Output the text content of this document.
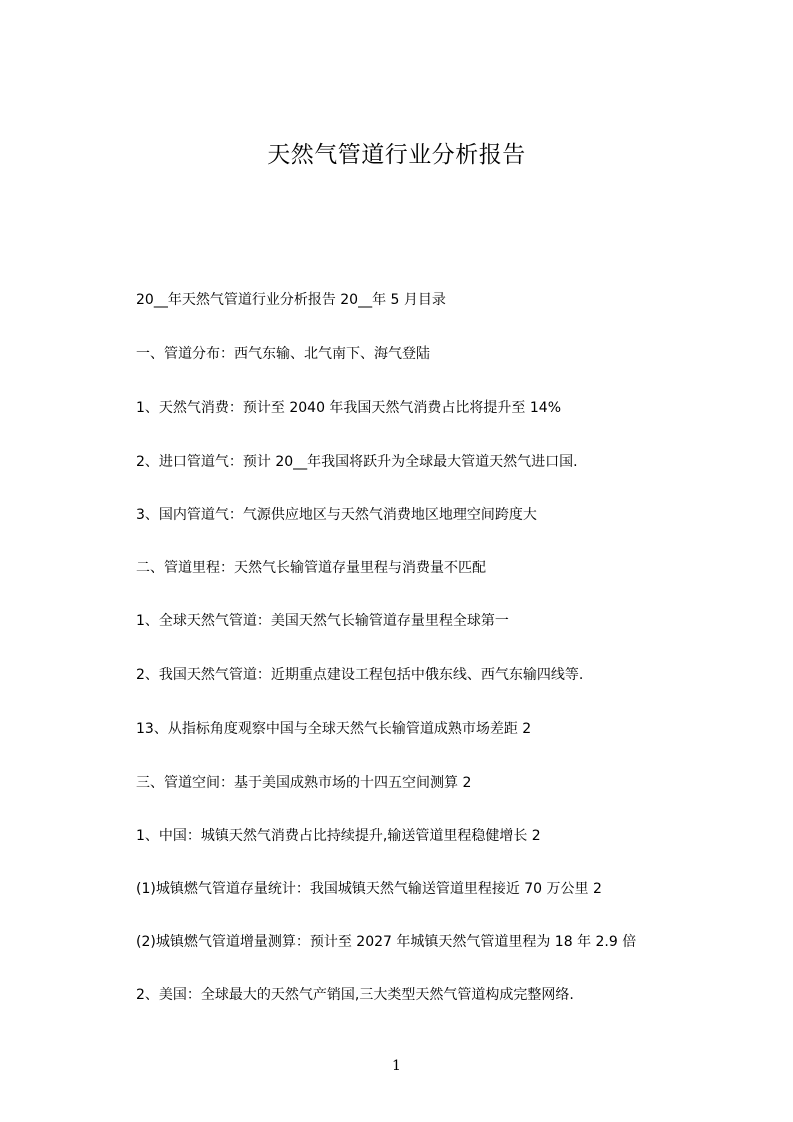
天然气管道行业分析报告

20__年天然气管道行业分析报告 20__年 5 月目录

一、管道分布：西气东输、北气南下、海气登陆

1、天然气消费：预计至 2040 年我国天然气消费占比将提升至 14%

2、进口管道气：预计 20__年我国将跃升为全球最大管道天然气进口国.

3、国内管道气：气源供应地区与天然气消费地区地理空间跨度大

二、管道里程：天然气长输管道存量里程与消费量不匹配

1、全球天然气管道：美国天然气长输管道存量里程全球第一

2、我国天然气管道：近期重点建设工程包括中俄东线、西气东输四线等.

13、从指标角度观察中国与全球天然气长输管道成熟市场差距 2

三、管道空间：基于美国成熟市场的十四五空间测算 2

1、中国：城镇天然气消费占比持续提升,输送管道里程稳健增长 2

(1)城镇燃气管道存量统计：我国城镇天然气输送管道里程接近 70 万公里 2

(2)城镇燃气管道增量测算：预计至 2027 年城镇天然气管道里程为 18 年 2.9 倍

2、美国：全球最大的天然气产销国,三大类型天然气管道构成完整网络.

1
